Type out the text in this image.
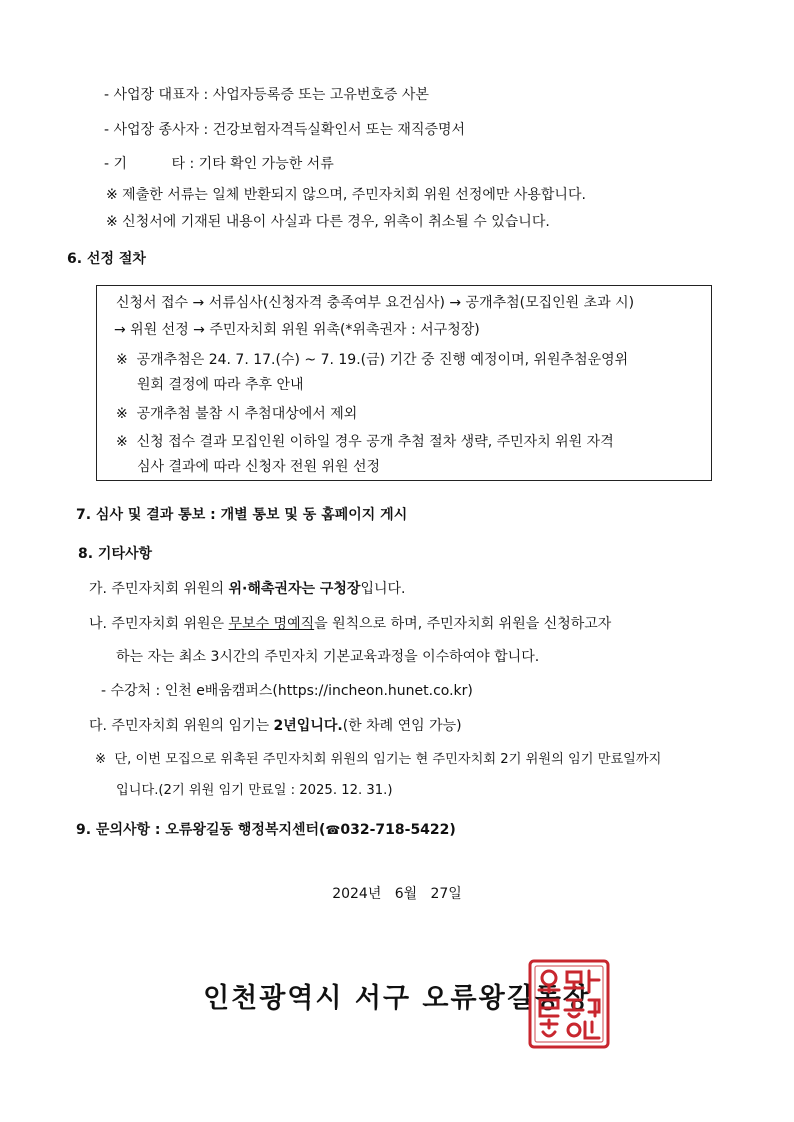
- 사업장 대표자 : 사업자등록증 또는 고유번호증 사본
- 사업장 종사자 : 건강보험자격득실확인서 또는 재직증명서
- 기          타 : 기타 확인 가능한 서류
※ 제출한 서류는 일체 반환되지 않으며, 주민자치회 위원 선정에만 사용합니다.
※ 신청서에 기재된 내용이 사실과 다른 경우, 위촉이 취소될 수 있습니다.
6. 선정 절차
신청서 접수 → 서류심사(신청자격 충족여부 요건심사) → 공개추첨(모집인원 초과 시)
→ 위원 선정 → 주민자치회 위원 위촉(*위촉권자 : 서구청장)
※  공개추첨은 24. 7. 17.(수) ~ 7. 19.(금) 기간 중 진행 예정이며, 위원추첨운영위
원회 결정에 따라 추후 안내
※  공개추첨 불참 시 추첨대상에서 제외
※  신청 접수 결과 모집인원 이하일 경우 공개 추첨 절차 생략, 주민자치 위원 자격
심사 결과에 따라 신청자 전원 위원 선정
7. 심사 및 결과 통보 : 개별 통보 및 동 홈페이지 게시
8. 기타사항
가. 주민자치회 위원의 위·해촉권자는 구청장입니다.
나. 주민자치회 위원은 무보수 명예직을 원칙으로 하며, 주민자치회 위원을 신청하고자
하는 자는 최소 3시간의 주민자치 기본교육과정을 이수하여야 합니다.
- 수강처 : 인천 e배움캠퍼스(https://incheon.hunet.co.kr)
다. 주민자치회 위원의 임기는 2년입니다.(한 차례 연임 가능)
※  단, 이번 모집으로 위촉된 주민자치회 위원의 임기는 현 주민자치회 2기 위원의 임기 만료일까지
입니다.(2기 위원 임기 만료일 : 2025. 12. 31.)
9. 문의사항 : 오류왕길동 행정복지센터(☎032-718-5422)
2024년   6월   27일
인천광역시 서구 오류왕길동장
